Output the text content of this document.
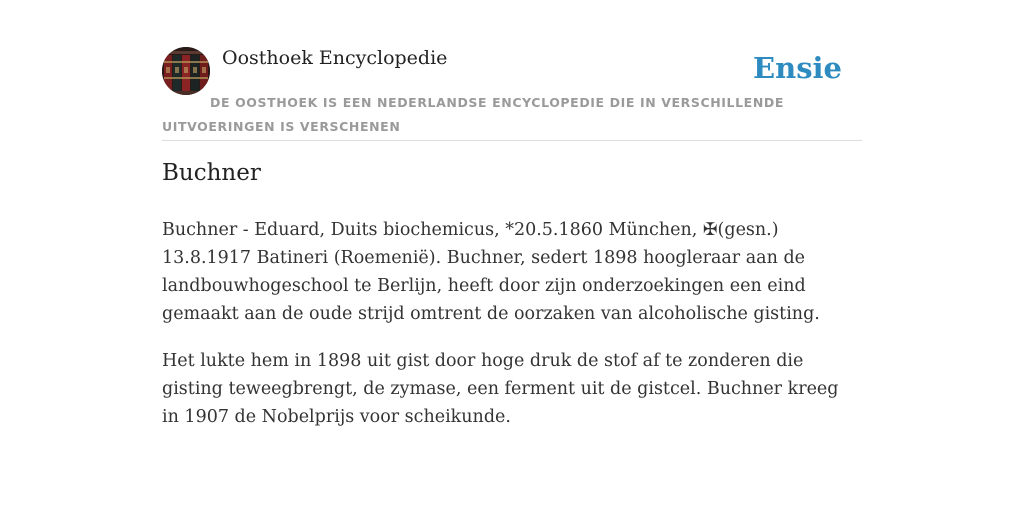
Oosthoek Encyclopedie	Ensie
DE OOSTHOEK IS EEN NEDERLANDSE ENCYCLOPEDIE DIE IN VERSCHILLENDE UITVOERINGEN IS VERSCHENEN
Buchner

Buchner - Eduard, Duits biochemicus, *20.5.1860 München, ✠(gesn.) 13.8.1917 Batineri (Roemenië). Buchner, sedert 1898 hoogleraar aan de landbouwhogeschool te Berlijn, heeft door zijn onderzoekingen een eind gemaakt aan de oude strijd omtrent de oorzaken van alcoholische gisting.

Het lukte hem in 1898 uit gist door hoge druk de stof af te zonderen die gisting teweegbrengt, de zymase, een ferment uit de gistcel. Buchner kreeg in 1907 de Nobelprijs voor scheikunde.
